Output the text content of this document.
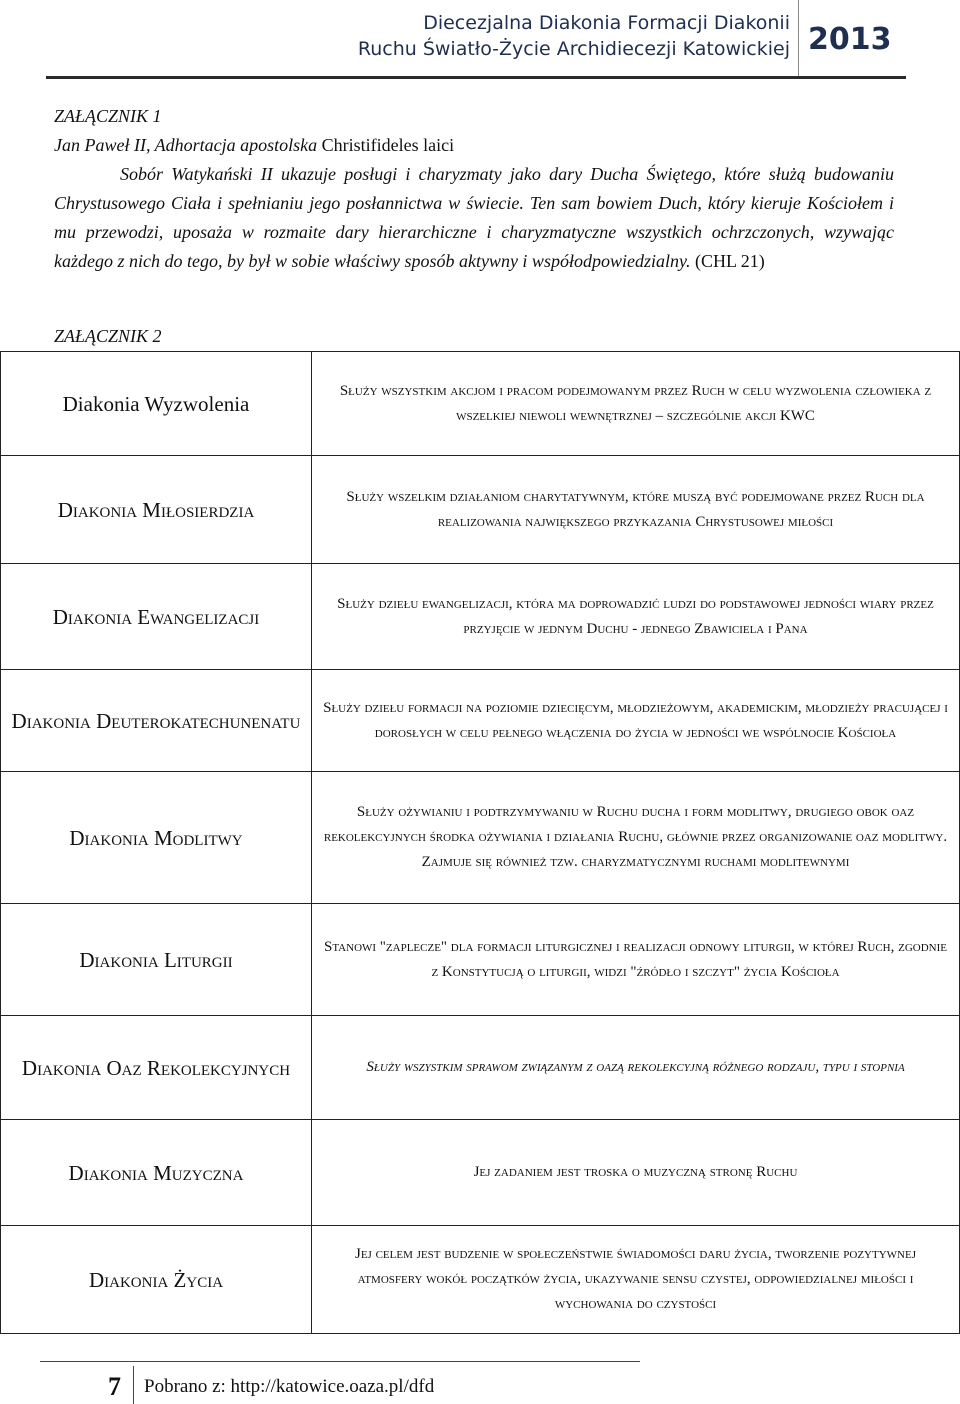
Diecezjalna Diakonia Formacji Diakonii
Ruchu Światło-Życie Archidiecezji Katowickiej 2013
ZAŁĄCZNIK 1
Jan Paweł II, Adhortacja apostolska Christifideles laici

Sobór Watykański II ukazuje posługi i charyzmaty jako dary Ducha Świętego, które służą budowaniu Chrystusowego Ciała i spełnianiu jego posłannictwa w świecie. Ten sam bowiem Duch, który kieruje Kościołem i mu przewodzi, uposaża w rozmaite dary hierarchiczne i charyzmatyczne wszystkich ochrzczonych, wzywając każdego z nich do tego, by był w sobie właściwy sposób aktywny i współodpowiedzialny. (CHL 21)

ZAŁĄCZNIK 2
Diakonia Wyzwolenia	Służy wszystkim akcjom i pracom podejmowanym przez Ruch w celu wyzwolenia człowieka z wszelkiej niewoli wewnętrznej – szczególnie akcji KWC
Diakonia Miłosierdzia	Służy wszelkim działaniom charytatywnym, które muszą być podejmowane przez Ruch dla realizowania największego przykazania Chrystusowej miłości
Diakonia Ewangelizacji	Służy dziełu ewangelizacji, która ma doprowadzić ludzi do podstawowej jedności wiary przez przyjęcie w jednym Duchu - jednego Zbawiciela i Pana
Diakonia Deuterokatechunenatu	Służy dziełu formacji na poziomie dziecięcym, młodzieżowym, akademickim, młodzieży pracującej i dorosłych w celu pełnego włączenia do życia w jedności we wspólnocie Kościoła
Diakonia Modlitwy	Służy ożywianiu i podtrzymywaniu w Ruchu ducha i form modlitwy, drugiego obok oaz rekolekcyjnych środka ożywiania i działania Ruchu, głównie przez organizowanie oaz modlitwy. Zajmuje się również tzw. charyzmatycznymi ruchami modlitewnymi
Diakonia Liturgii	Stanowi "zaplecze" dla formacji liturgicznej i realizacji odnowy liturgii, w której Ruch, zgodnie z Konstytucją o liturgii, widzi "źródło i szczyt" życia Kościoła
Diakonia Oaz Rekolekcyjnych	Służy wszystkim sprawom związanym z oazą rekolekcyjną różnego rodzaju, typu i stopnia
Diakonia Muzyczna	Jej zadaniem jest troska o muzyczną stronę Ruchu
Diakonia Życia	Jej celem jest budzenie w społeczeństwie świadomości daru życia, tworzenie pozytywnej atmosfery wokół początków życia, ukazywanie sensu czystej, odpowiedzialnej miłości i wychowania do czystości
7 Pobrano z: http://katowice.oaza.pl/dfd
